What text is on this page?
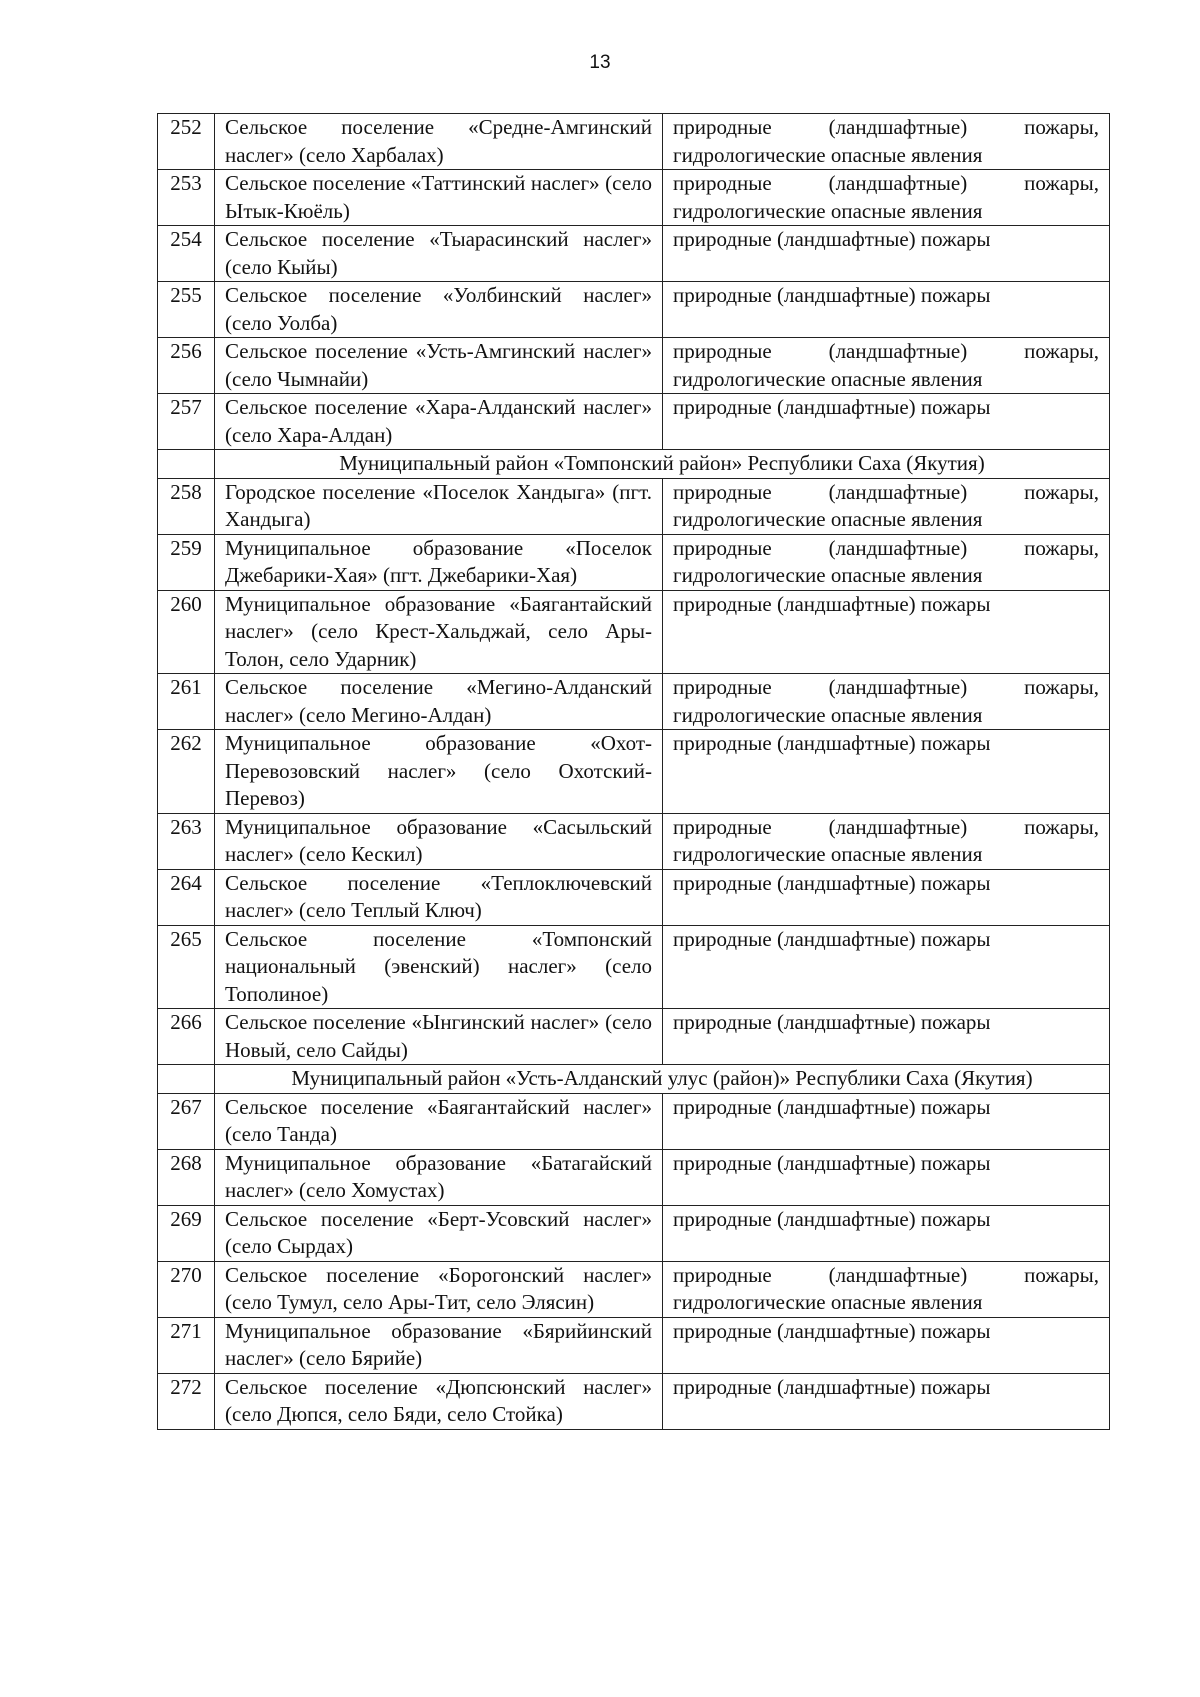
13
252	Сельское поселение «Средне-Амгинский наслег» (село Харбалах)	природные (ландшафтные) пожары, гидрологические опасные явления
253	Сельское поселение «Таттинский наслег» (село Ытык-Кюёль)	природные (ландшафтные) пожары, гидрологические опасные явления
254	Сельское поселение «Тыарасинский наслег» (село Кыйы)	природные (ландшафтные) пожары
255	Сельское поселение «Уолбинский наслег» (село Уолба)	природные (ландшафтные) пожары
256	Сельское поселение «Усть-Амгинский наслег» (село Чымнайи)	природные (ландшафтные) пожары, гидрологические опасные явления
257	Сельское поселение «Хара-Алданский наслег» (село Хара-Алдан)	природные (ландшафтные) пожары
	Муниципальный район «Томпонский район» Республики Саха (Якутия)	
258	Городское поселение «Поселок Хандыга» (пгт. Хандыга)	природные (ландшафтные) пожары, гидрологические опасные явления
259	Муниципальное образование «Поселок Джебарики-Хая» (пгт. Джебарики-Хая)	природные (ландшафтные) пожары, гидрологические опасные явления
260	Муниципальное образование «Баягантайский наслег» (село Крест-Хальджай, село Ары-Толон, село Ударник)	природные (ландшафтные) пожары
261	Сельское поселение «Мегино-Алданский наслег» (село Мегино-Алдан)	природные (ландшафтные) пожары, гидрологические опасные явления
262	Муниципальное образование «Охот-Перевозовский наслег» (село Охотский-Перевоз)	природные (ландшафтные) пожары
263	Муниципальное образование «Сасыльский наслег» (село Кескил)	природные (ландшафтные) пожары, гидрологические опасные явления
264	Сельское поселение «Теплоключевский наслег» (село Теплый Ключ)	природные (ландшафтные) пожары
265	Сельское поселение «Томпонский национальный (эвенский) наслег» (село Тополиное)	природные (ландшафтные) пожары
266	Сельское поселение «Ынгинский наслег» (село Новый, село Сайды)	природные (ландшафтные) пожары
	Муниципальный район «Усть-Алданский улус (район)» Республики Саха (Якутия)	
267	Сельское поселение «Баягантайский наслег» (село Танда)	природные (ландшафтные) пожары
268	Муниципальное образование «Батагайский наслег» (село Хомустах)	природные (ландшафтные) пожары
269	Сельское поселение «Берт-Усовский наслег» (село Сырдах)	природные (ландшафтные) пожары
270	Сельское поселение «Борогонский наслег» (село Тумул, село Ары-Тит, село Элясин)	природные (ландшафтные) пожары, гидрологические опасные явления
271	Муниципальное образование «Бярийинский наслег» (село Бярийе)	природные (ландшафтные) пожары
272	Сельское поселение «Дюпсюнский наслег» (село Дюпся, село Бяди, село Стойка)	природные (ландшафтные) пожары
